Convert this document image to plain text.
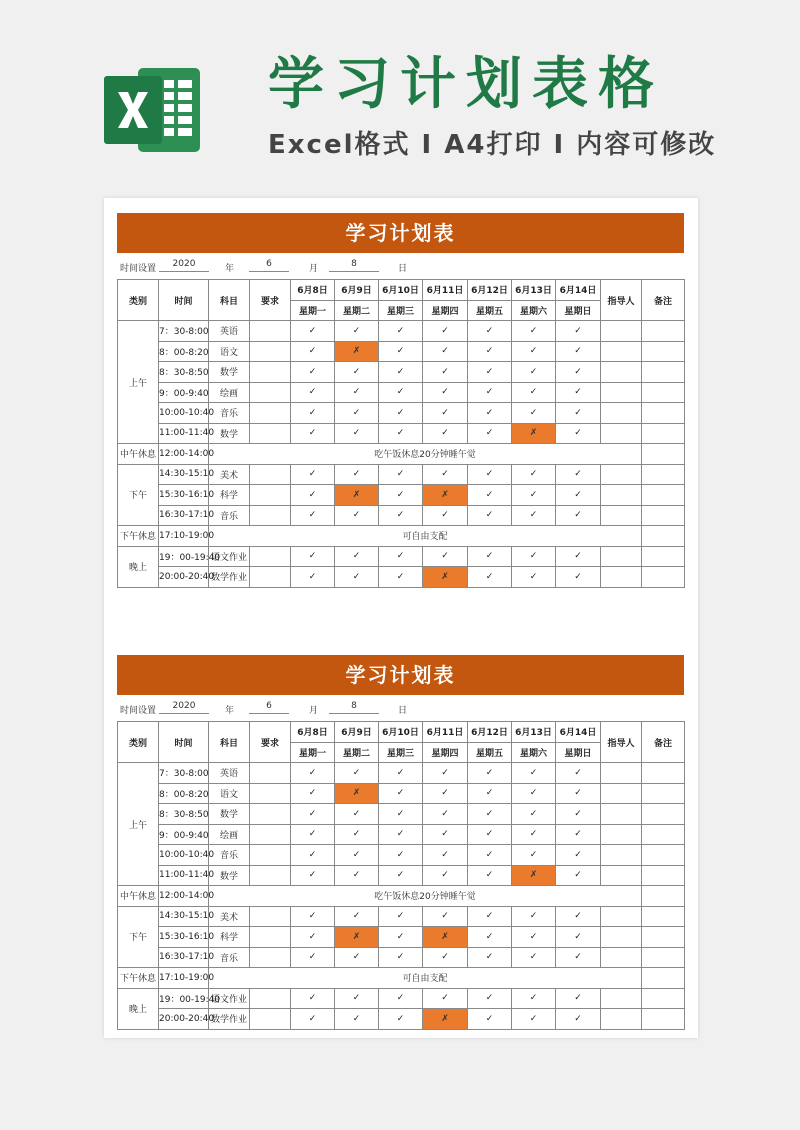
学习计划表格
Excel格式 I A4打印 I 内容可修改
学习计划表
时间设置	2020	年	6	月	8	日
类别	时间	科目	要求	6月8日	6月9日	6月10日	6月11日	6月12日	6月13日	6月14日	指导人	备注	
				星期一	星期二	星期三	星期四	星期五	星期六	星期日			
上午	7：30-8:00	英语		✓	✓	✓	✓	✓	✓	✓			
	8：00-8:20	语文		✓	✗	✓	✓	✓	✓	✓			
	8：30-8:50	数学		✓	✓	✓	✓	✓	✓	✓			
	9：00-9:40	绘画		✓	✓	✓	✓	✓	✓	✓			
	10:00-10:40	音乐		✓	✓	✓	✓	✓	✓	✓			
	11:00-11:40	数学		✓	✓	✓	✓	✓	✗	✓			
中午休息	12:00-14:00	吃午饭休息20分钟睡午觉											
下午	14:30-15:10	美术		✓	✓	✓	✓	✓	✓	✓			
	15:30-16:10	科学		✓	✗	✓	✗	✓	✓	✓			
	16:30-17:10	音乐		✓	✓	✓	✓	✓	✓	✓			
下午休息	17:10-19:00	可自由支配											
晚上	19：00-19:40	语文作业		✓	✓	✓	✓	✓	✓	✓			
	20:00-20:40	数学作业		✓	✓	✓	✗	✓	✓	✓			
学习计划表
时间设置	2020	年	6	月	8	日
类别	时间	科目	要求	6月8日	6月9日	6月10日	6月11日	6月12日	6月13日	6月14日	指导人	备注	
				星期一	星期二	星期三	星期四	星期五	星期六	星期日			
上午	7：30-8:00	英语		✓	✓	✓	✓	✓	✓	✓			
	8：00-8:20	语文		✓	✗	✓	✓	✓	✓	✓			
	8：30-8:50	数学		✓	✓	✓	✓	✓	✓	✓			
	9：00-9:40	绘画		✓	✓	✓	✓	✓	✓	✓			
	10:00-10:40	音乐		✓	✓	✓	✓	✓	✓	✓			
	11:00-11:40	数学		✓	✓	✓	✓	✓	✗	✓			
中午休息	12:00-14:00	吃午饭休息20分钟睡午觉											
下午	14:30-15:10	美术		✓	✓	✓	✓	✓	✓	✓			
	15:30-16:10	科学		✓	✗	✓	✗	✓	✓	✓			
	16:30-17:10	音乐		✓	✓	✓	✓	✓	✓	✓			
下午休息	17:10-19:00	可自由支配											
晚上	19：00-19:40	语文作业		✓	✓	✓	✓	✓	✓	✓			
	20:00-20:40	数学作业		✓	✓	✓	✗	✓	✓	✓			
